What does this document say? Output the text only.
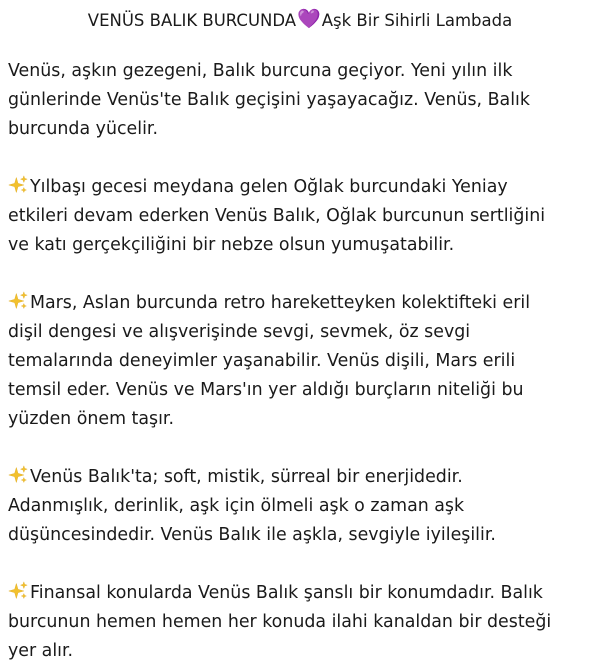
VENÜS BALIK BURCUNDA 💜 Aşk Bir Sihirli Lambada
Venüs, aşkın gezegeni, Balık burcuna geçiyor. Yeni yılın ilk
günlerinde Venüs'te Balık geçişini yaşayacağız. Venüs, Balık
burcunda yücelir.
Yılbaşı gecesi meydana gelen Oğlak burcundaki Yeniay
etkileri devam ederken Venüs Balık, Oğlak burcunun sertliğini
ve katı gerçekçiliğini bir nebze olsun yumuşatabilir.
Mars, Aslan burcunda retro hareketteyken kolektifteki eril
dişil dengesi ve alışverişinde sevgi, sevmek, öz sevgi
temalarında deneyimler yaşanabilir. Venüs dişili, Mars erili
temsil eder. Venüs ve Mars'ın yer aldığı burçların niteliği bu
yüzden önem taşır.
Venüs Balık'ta; soft, mistik, sürreal bir enerjidedir.
Adanmışlık, derinlik, aşk için ölmeli aşk o zaman aşk
düşüncesindedir. Venüs Balık ile aşkla, sevgiyle iyileşilir.
Finansal konularda Venüs Balık şanslı bir konumdadır. Balık
burcunun hemen hemen her konuda ilahi kanaldan bir desteği
yer alır.
